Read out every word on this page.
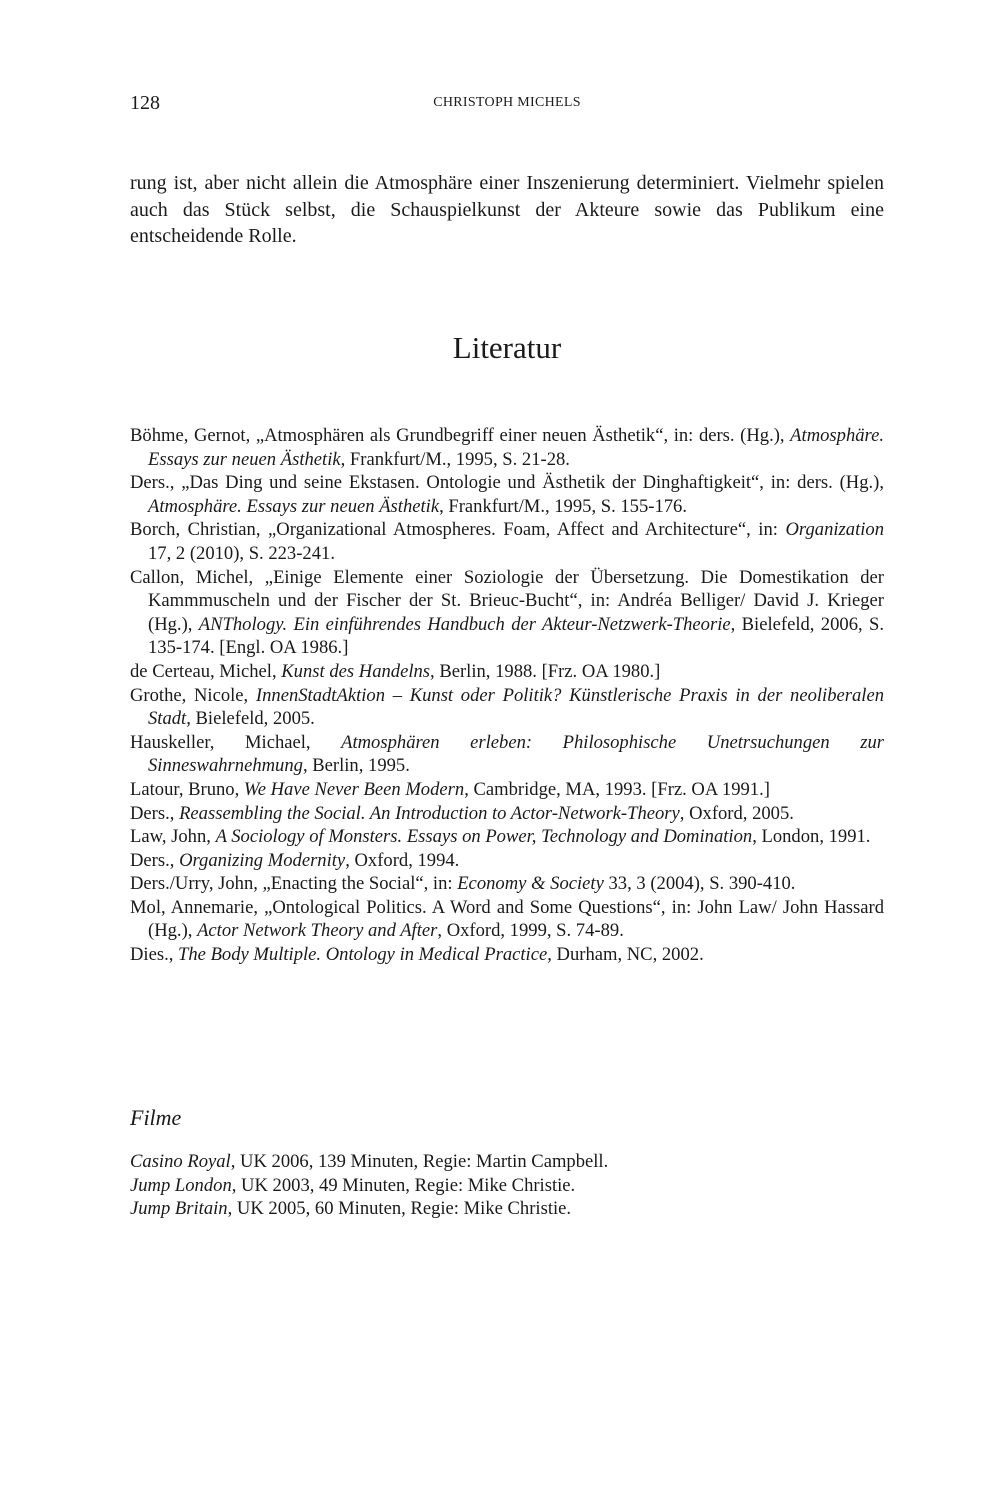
128	CHRISTOPH MICHELS

rung ist, aber nicht allein die Atmosphäre einer Inszenierung determiniert. Vielmehr spielen auch das Stück selbst, die Schauspielkunst der Akteure sowie das Publikum eine entscheidende Rolle.

Literatur
Böhme, Gernot, „Atmosphären als Grundbegriff einer neuen Ästhetik“, in: ders. (Hg.), Atmosphäre. Essays zur neuen Ästhetik, Frankfurt/M., 1995, S. 21-28.
Ders., „Das Ding und seine Ekstasen. Ontologie und Ästhetik der Dinghaftigkeit“, in: ders. (Hg.), Atmosphäre. Essays zur neuen Ästhetik, Frankfurt/M., 1995, S. 155-176.
Borch, Christian, „Organizational Atmospheres. Foam, Affect and Architecture“, in: Organization 17, 2 (2010), S. 223-241.
Callon, Michel, „Einige Elemente einer Soziologie der Übersetzung. Die Domestikation der Kammmuscheln und der Fischer der St. Brieuc-Bucht“, in: Andréa Belliger/ David J. Krieger (Hg.), ANThology. Ein einführendes Handbuch der Akteur-Netzwerk-Theorie, Bielefeld, 2006, S. 135-174. [Engl. OA 1986.]
de Certeau, Michel, Kunst des Handelns, Berlin, 1988. [Frz. OA 1980.]
Grothe, Nicole, InnenStadtAktion – Kunst oder Politik? Künstlerische Praxis in der neoliberalen Stadt, Bielefeld, 2005.
Hauskeller, Michael, Atmosphären erleben: Philosophische Unetrsuchungen zur Sinneswahrnehmung, Berlin, 1995.
Latour, Bruno, We Have Never Been Modern, Cambridge, MA, 1993. [Frz. OA 1991.]
Ders., Reassembling the Social. An Introduction to Actor-Network-Theory, Oxford, 2005.
Law, John, A Sociology of Monsters. Essays on Power, Technology and Domination, London, 1991.
Ders., Organizing Modernity, Oxford, 1994.
Ders./Urry, John, „Enacting the Social“, in: Economy & Society 33, 3 (2004), S. 390-410.
Mol, Annemarie, „Ontological Politics. A Word and Some Questions“, in: John Law/ John Hassard (Hg.), Actor Network Theory and After, Oxford, 1999, S. 74-89.
Dies., The Body Multiple. Ontology in Medical Practice, Durham, NC, 2002.
Filme
Casino Royal, UK 2006, 139 Minuten, Regie: Martin Campbell.
Jump London, UK 2003, 49 Minuten, Regie: Mike Christie.
Jump Britain, UK 2005, 60 Minuten, Regie: Mike Christie.
